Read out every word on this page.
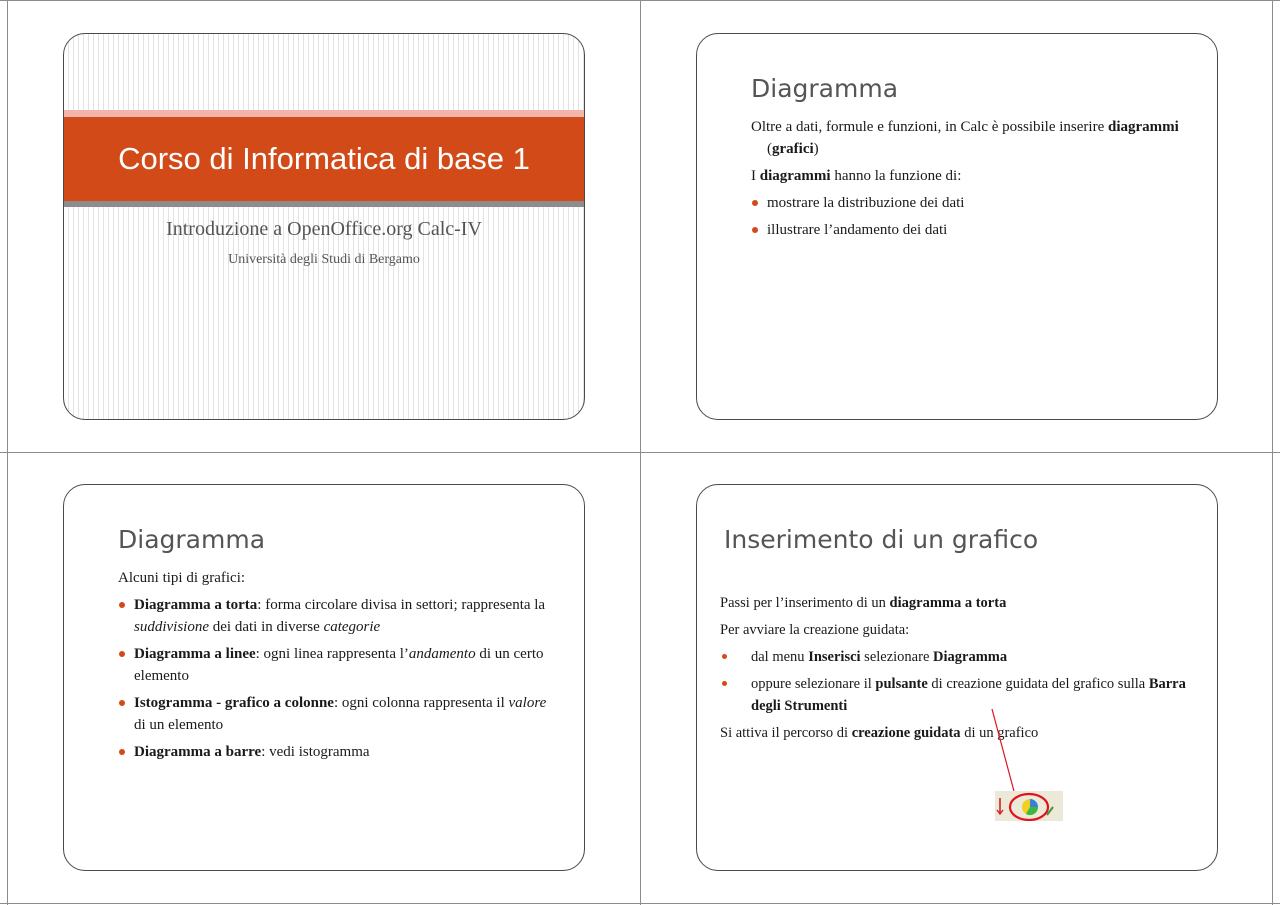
Corso di Informatica di base 1
Introduzione a OpenOffice.org Calc-IV
Università degli Studi di Bergamo
Diagramma
Oltre a dati, formule e funzioni, in Calc è possibile inserire diagrammi (grafici)
I diagrammi hanno la funzione di:
mostrare la distribuzione dei dati
illustrare l’andamento dei dati
Diagramma
Alcuni tipi di grafici:
Diagramma a torta: forma circolare divisa in settori; rappresenta la suddivisione dei dati in diverse categorie
Diagramma a linee: ogni linea rappresenta l’andamento di un certo elemento
Istogramma - grafico a colonne: ogni colonna rappresenta il valore di un elemento
Diagramma a barre: vedi istogramma
Inserimento di un grafico
Passi per l’inserimento di un diagramma a torta
Per avviare la creazione guidata:
dal menu Inserisci selezionare Diagramma
oppure selezionare il pulsante di creazione guidata del grafico sulla Barra degli Strumenti
Si attiva il percorso di creazione guidata di un grafico
